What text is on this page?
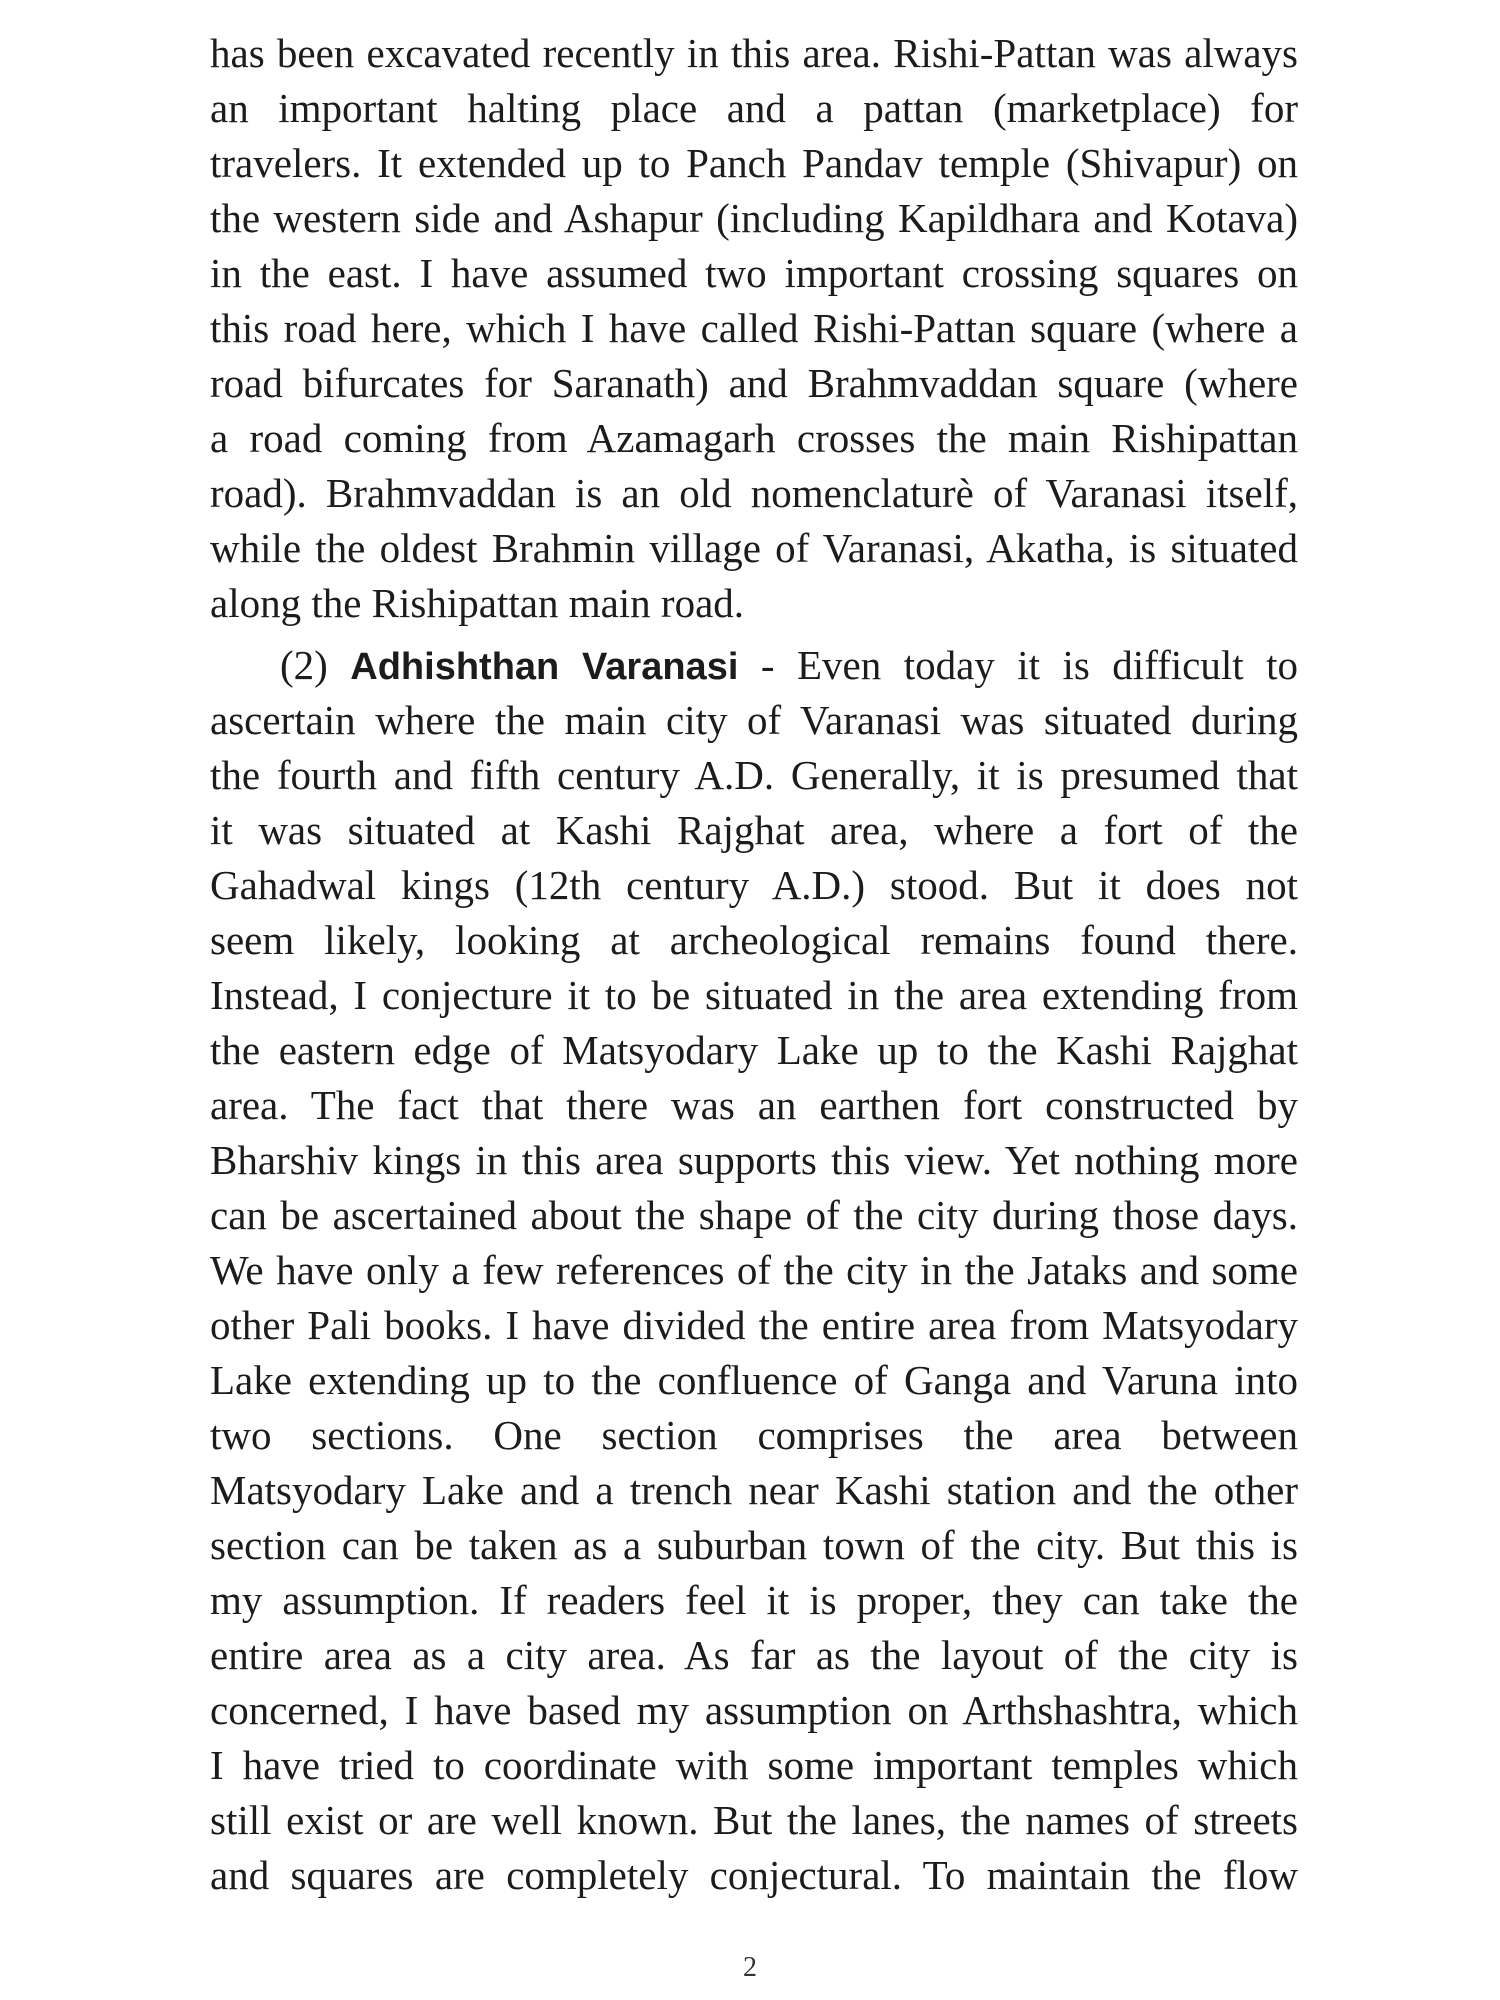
has been excavated recently in this area. Rishi-Pattan was always
an important halting place and a pattan (marketplace) for
travelers. It extended up to Panch Pandav temple (Shivapur) on
the western side and Ashapur (including Kapildhara and Kotava)
in the east. I have assumed two important crossing squares on
this road here, which I have called Rishi-Pattan square (where a
road bifurcates for Saranath) and Brahmvaddan square (where
a road coming from Azamagarh crosses the main Rishipattan
road). Brahmvaddan is an old nomenclaturè of Varanasi itself,
while the oldest Brahmin village of Varanasi, Akatha, is situated
along the Rishipattan main road.
(2) Adhishthan Varanasi - Even today it is difficult to
ascertain where the main city of Varanasi was situated during
the fourth and fifth century A.D. Generally, it is presumed that
it was situated at Kashi Rajghat area, where a fort of the
Gahadwal kings (12th century A.D.) stood. But it does not
seem likely, looking at archeological remains found there.
Instead, I conjecture it to be situated in the area extending from
the eastern edge of Matsyodary Lake up to the Kashi Rajghat
area. The fact that there was an earthen fort constructed by
Bharshiv kings in this area supports this view. Yet nothing more
can be ascertained about the shape of the city during those days.
We have only a few references of the city in the Jataks and some
other Pali books. I have divided the entire area from Matsyodary
Lake extending up to the confluence of Ganga and Varuna into
two sections. One section comprises the area between
Matsyodary Lake and a trench near Kashi station and the other
section can be taken as a suburban town of the city. But this is
my assumption. If readers feel it is proper, they can take the
entire area as a city area. As far as the layout of the city is
concerned, I have based my assumption on Arthshashtra, which
I have tried to coordinate with some important temples which
still exist or are well known. But the lanes, the names of streets
and squares are completely conjectural. To maintain the flow
2
